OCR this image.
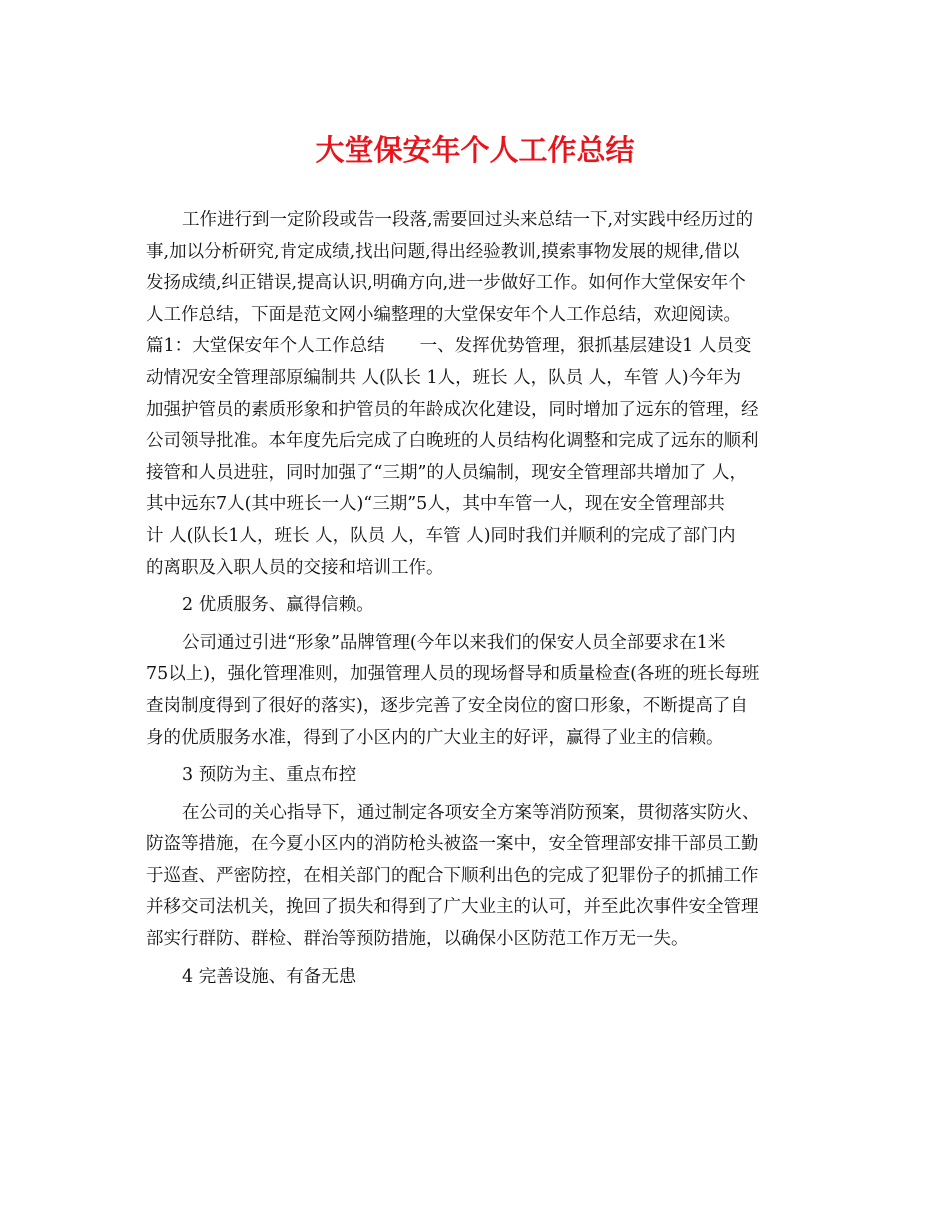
大堂保安年个人工作总结

工作进行到一定阶段或告一段落,需要回过头来总结一下,对实践中经历过的

事,加以分析研究,肯定成绩,找出问题,得出经验教训,摸索事物发展的规律,借以

发扬成绩,纠正错误,提高认识,明确方向,进一步做好工作。如何作大堂保安年个

人工作总结，下面是范文网小编整理的大堂保安年个人工作总结，欢迎阅读。

篇1：大堂保安年个人工作总结　　一、发挥优势管理，狠抓基层建设1 人员变

动情况安全管理部原编制共 人(队长 1人，班长 人，队员 人，车管 人)今年为

加强护管员的素质形象和护管员的年龄成次化建设，同时增加了远东的管理，经

公司领导批准。本年度先后完成了白晚班的人员结构化调整和完成了远东的顺利

接管和人员进驻，同时加强了“三期”的人员编制，现安全管理部共增加了 人，

其中远东7人(其中班长一人)“三期”5人，其中车管一人，现在安全管理部共

计 人(队长1人，班长 人，队员 人，车管 人)同时我们并顺利的完成了部门内

的离职及入职人员的交接和培训工作。

2 优质服务、赢得信赖。

公司通过引进“形象”品牌管理(今年以来我们的保安人员全部要求在1米

75以上)，强化管理准则，加强管理人员的现场督导和质量检查(各班的班长每班

查岗制度得到了很好的落实)，逐步完善了安全岗位的窗口形象，不断提高了自

身的优质服务水准，得到了小区内的广大业主的好评，赢得了业主的信赖。

3 预防为主、重点布控

在公司的关心指导下，通过制定各项安全方案等消防预案，贯彻落实防火、

防盗等措施，在今夏小区内的消防枪头被盗一案中，安全管理部安排干部员工勤

于巡查、严密防控，在相关部门的配合下顺利出色的完成了犯罪份子的抓捕工作

并移交司法机关，挽回了损失和得到了广大业主的认可，并至此次事件安全管理

部实行群防、群检、群治等预防措施，以确保小区防范工作万无一失。

4 完善设施、有备无患
